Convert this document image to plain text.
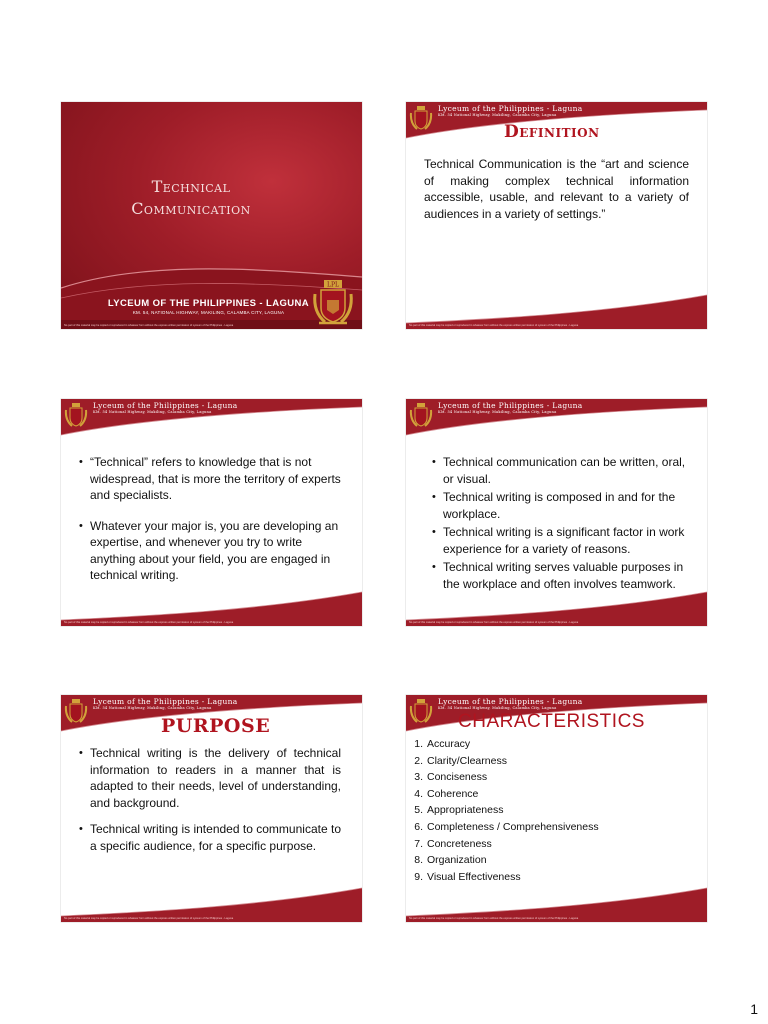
Technical Communication
LYCEUM OF THE PHILIPPINES - LAGUNA
KM. 54, NATIONAL HIGHWAY, MAKILING, CALAMBA CITY, LAGUNA
LPL
No part of this material may be copied or reproduced in whatever form without the express written permission of Lyceum of the Philippines - Laguna
Lyceum of the Philippines - Laguna
KM. 54 National Highway, Makiling, Calamba City, Laguna
Definition
Technical Communication is the “art and science of making complex technical information accessible, usable, and relevant to a variety of audiences in a variety of settings.”
No part of this material may be copied or reproduced in whatever form without the express written permission of Lyceum of the Philippines - Laguna
Lyceum of the Philippines - Laguna
KM. 54 National Highway, Makiling, Calamba City, Laguna
• “Technical” refers to knowledge that is not widespread, that is more the territory of experts and specialists.
• Whatever your major is, you are developing an expertise, and whenever you try to write anything about your field, you are engaged in technical writing.
No part of this material may be copied or reproduced in whatever form without the express written permission of Lyceum of the Philippines - Laguna
Lyceum of the Philippines - Laguna
KM. 54 National Highway, Makiling, Calamba City, Laguna
• Technical communication can be written, oral, or visual.
• Technical writing is composed in and for the workplace.
• Technical writing is a significant factor in work experience for a variety of reasons.
• Technical writing serves valuable purposes in the workplace and often involves teamwork.
No part of this material may be copied or reproduced in whatever form without the express written permission of Lyceum of the Philippines - Laguna
Lyceum of the Philippines - Laguna
KM. 54 National Highway, Makiling, Calamba City, Laguna
PURPOSE
• Technical writing is the delivery of technical information to readers in a manner that is adapted to their needs, level of understanding, and background.
• Technical writing is intended to communicate to a specific audience, for a specific purpose.
No part of this material may be copied or reproduced in whatever form without the express written permission of Lyceum of the Philippines - Laguna
Lyceum of the Philippines - Laguna
KM. 54 National Highway, Makiling, Calamba City, Laguna
CHARACTERISTICS
1. Accuracy
2. Clarity/Clearness
3. Conciseness
4. Coherence
5. Appropriateness
6. Completeness / Comprehensiveness
7. Concreteness
8. Organization
9. Visual Effectiveness
No part of this material may be copied or reproduced in whatever form without the express written permission of Lyceum of the Philippines - Laguna
1
